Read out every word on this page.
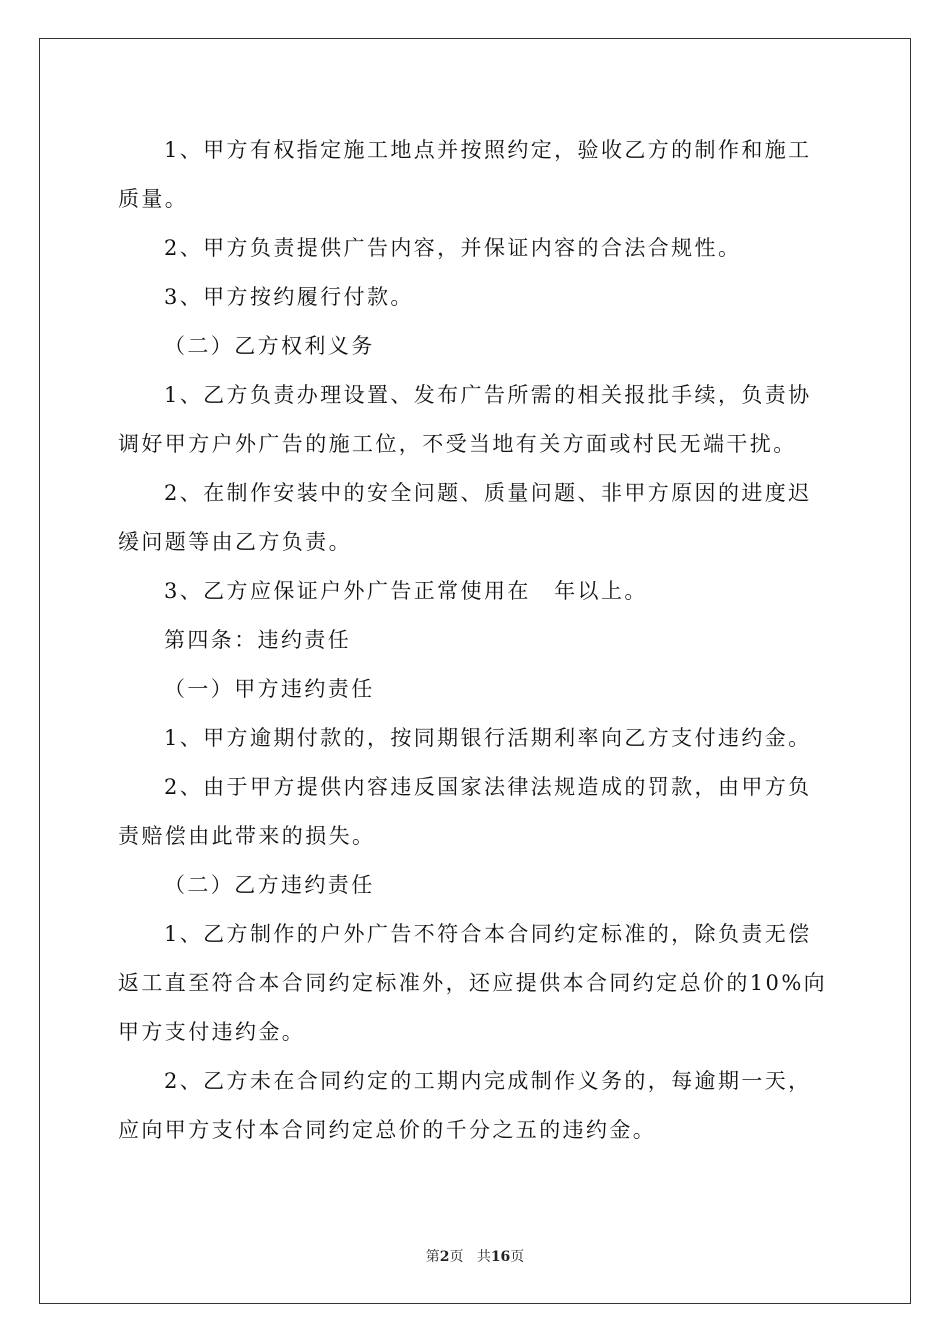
1、甲方有权指定施工地点并按照约定，验收乙方的制作和施工质量。

2、甲方负责提供广告内容，并保证内容的合法合规性。

3、甲方按约履行付款。

（二）乙方权利义务

1、乙方负责办理设置、发布广告所需的相关报批手续，负责协调好甲方户外广告的施工位，不受当地有关方面或村民无端干扰。

2、在制作安装中的安全问题、质量问题、非甲方原因的进度迟缓问题等由乙方负责。

3、乙方应保证户外广告正常使用在　年以上。

第四条：违约责任

（一）甲方违约责任

1、甲方逾期付款的，按同期银行活期利率向乙方支付违约金。

2、由于甲方提供内容违反国家法律法规造成的罚款，由甲方负责赔偿由此带来的损失。

（二）乙方违约责任

1、乙方制作的户外广告不符合本合同约定标准的，除负责无偿返工直至符合本合同约定标准外，还应提供本合同约定总价的10%向甲方支付违约金。

2、乙方未在合同约定的工期内完成制作义务的，每逾期一天，应向甲方支付本合同约定总价的千分之五的违约金。

第2页 共16页
